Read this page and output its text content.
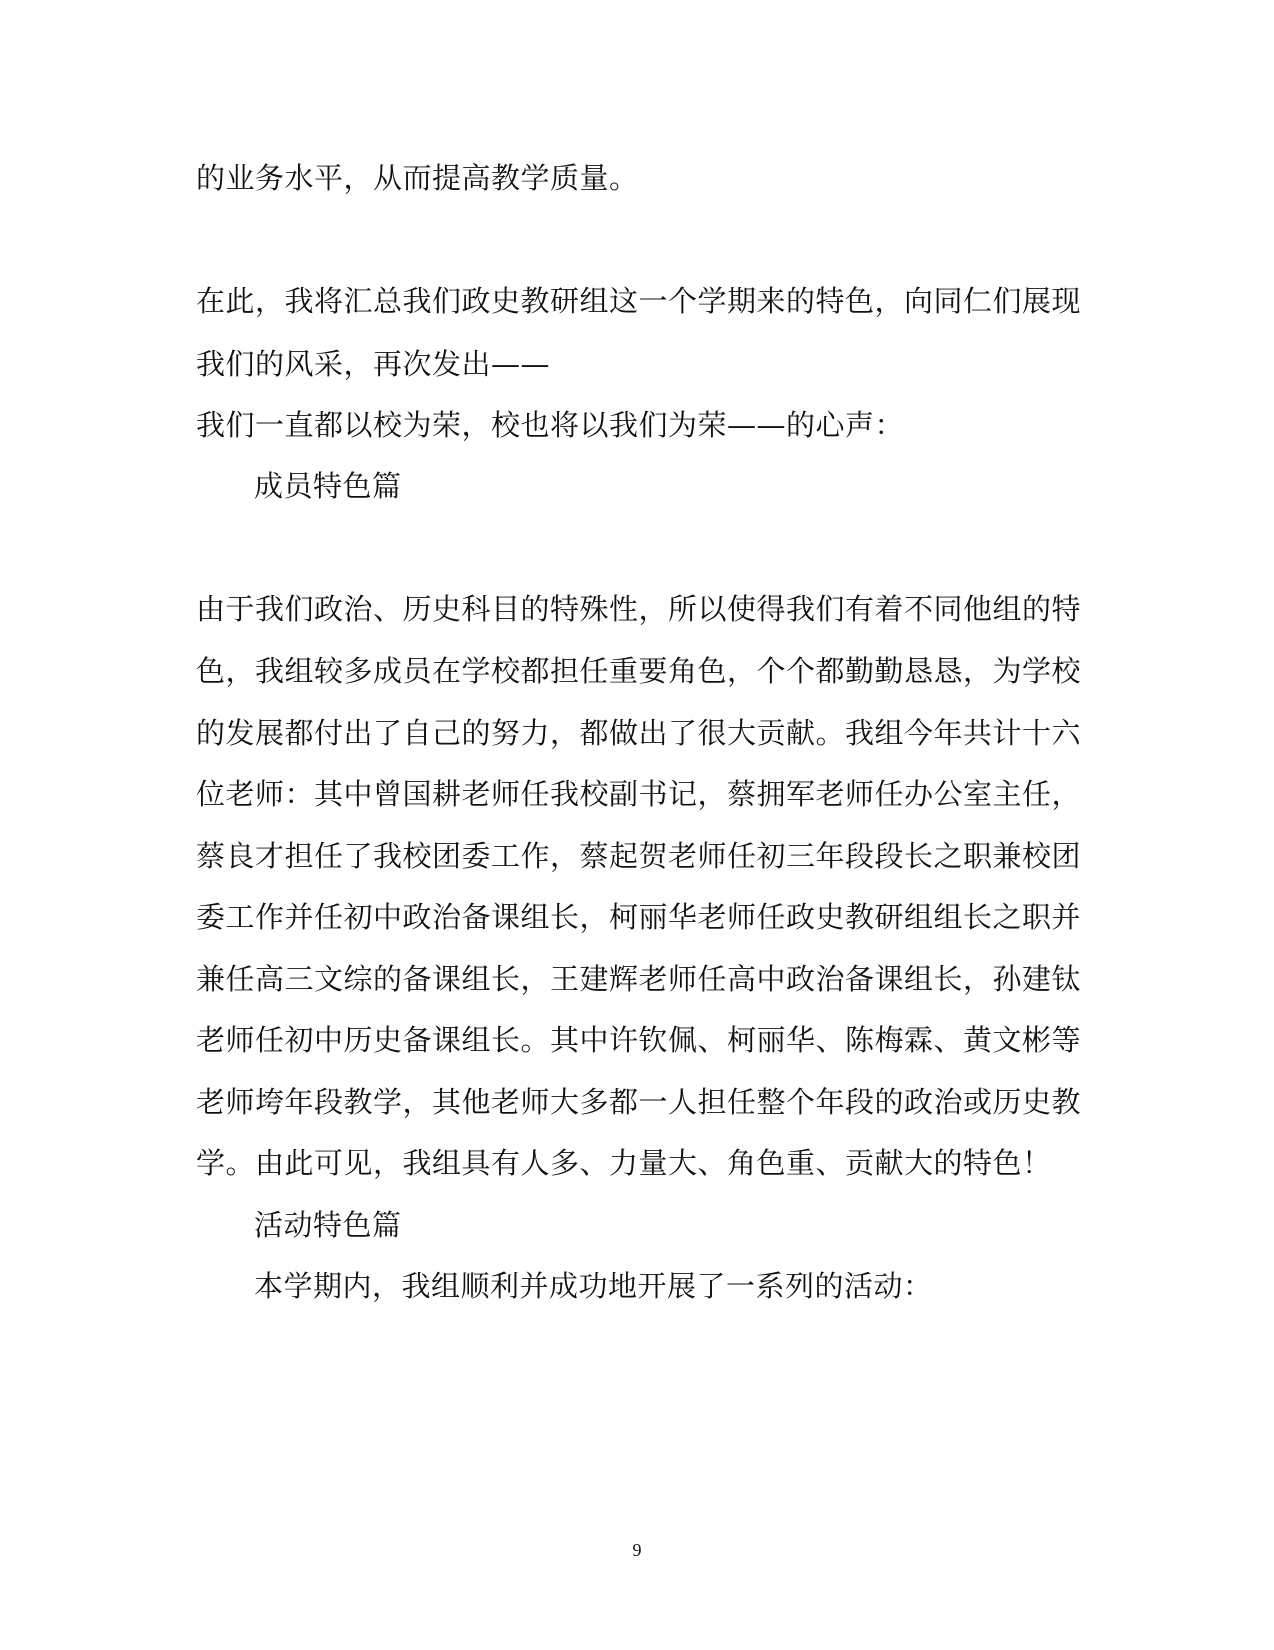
的业务水平，从而提高教学质量。
在此，我将汇总我们政史教研组这一个学期来的特色，向同仁们展现
我们的风采，再次发出——
我们一直都以校为荣，校也将以我们为荣——的心声：
成员特色篇
由于我们政治、历史科目的特殊性，所以使得我们有着不同他组的特
色，我组较多成员在学校都担任重要角色，个个都勤勤恳恳，为学校
的发展都付出了自己的努力，都做出了很大贡献。我组今年共计十六
位老师：其中曾国耕老师任我校副书记，蔡拥军老师任办公室主任，
蔡良才担任了我校团委工作，蔡起贺老师任初三年段段长之职兼校团
委工作并任初中政治备课组长，柯丽华老师任政史教研组组长之职并
兼任高三文综的备课组长，王建辉老师任高中政治备课组长，孙建钛
老师任初中历史备课组长。其中许钦佩、柯丽华、陈梅霖、黄文彬等
老师垮年段教学，其他老师大多都一人担任整个年段的政治或历史教
学。由此可见，我组具有人多、力量大、角色重、贡献大的特色！
活动特色篇
本学期内，我组顺利并成功地开展了一系列的活动：
9
